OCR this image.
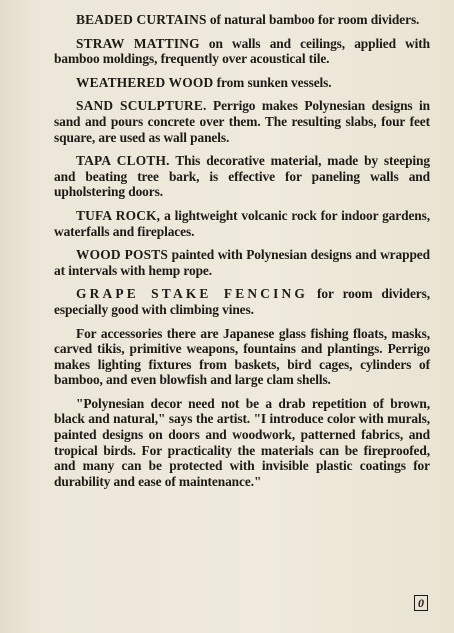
BEADED CURTAINS of natural bamboo for room dividers.

STRAW MATTING on walls and ceilings, applied with bamboo moldings, frequently over acoustical tile.

WEATHERED WOOD from sunken vessels.

SAND SCULPTURE. Perrigo makes Polynesian designs in sand and pours concrete over them. The resulting slabs, four feet square, are used as wall panels.

TAPA CLOTH. This decorative material, made by steeping and beating tree bark, is effective for paneling walls and upholstering doors.

TUFA ROCK, a lightweight volcanic rock for indoor gardens, waterfalls and fireplaces.

WOOD POSTS painted with Polynesian designs and wrapped at intervals with hemp rope.

GRAPE STAKE FENCING for room dividers, especially good with climbing vines.

For accessories there are Japanese glass fishing floats, masks, carved tikis, primitive weapons, fountains and plantings. Perrigo makes lighting fixtures from baskets, bird cages, cylinders of bamboo, and even blowfish and large clam shells.

"Polynesian decor need not be a drab repetition of brown, black and natural," says the artist. "I introduce color with murals, painted designs on doors and woodwork, patterned fabrics, and tropical birds. For practicality the materials can be fireproofed, and many can be protected with invisible plastic coatings for durability and ease of maintenance."

0
